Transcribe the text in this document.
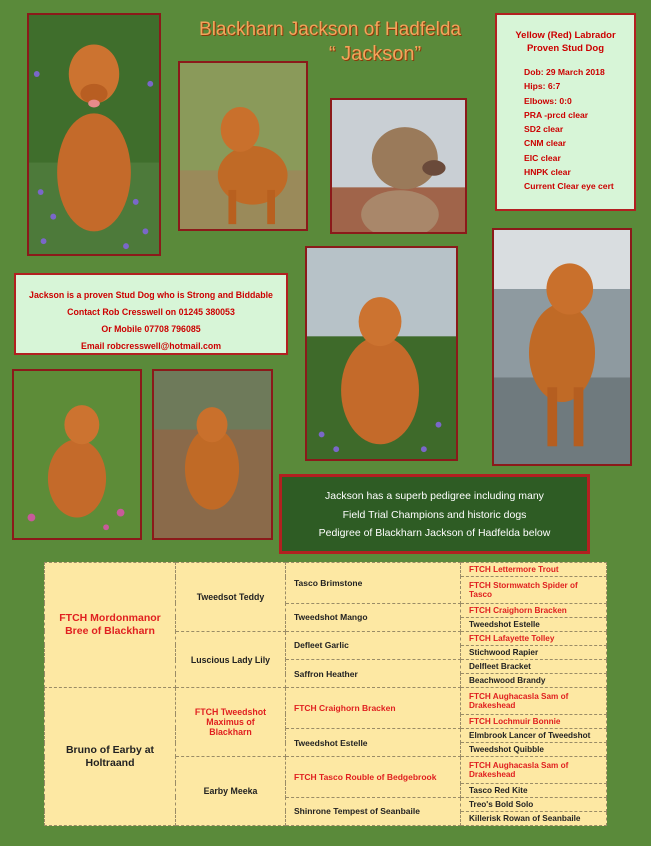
Blackharn Jackson of Hadfelda
“ Jackson”
Yellow (Red) Labrador
Proven Stud Dog
Dob: 29 March 2018
Hips: 6:7
Elbows: 0:0
PRA -prcd clear
SD2 clear
CNM clear
EIC clear
HNPK clear
Current Clear eye cert
Jackson is a proven Stud Dog who is Strong and Biddable
Contact Rob Cresswell on 01245 380053
Or Mobile 07708 796085
Email robcresswell@hotmail.com
Jackson has a superb pedigree including many
Field Trial Champions and historic dogs
Pedigree of Blackharn Jackson of Hadfelda below
FTCH Mordonmanor Bree of Blackharn	Tweedsot Teddy	Tasco Brimstone	FTCH Lettermore Trout
			FTCH Stormwatch Spider of Tasco
		Tweedshot Mango	FTCH Craighorn Bracken
			Tweedshot Estelle
	Luscious Lady Lily	Defleet Garlic	FTCH Lafayette Tolley
			Stichwood Rapier
		Saffron Heather	Delfleet Bracket
			Beachwood Brandy
Bruno of Earby at Holtraand	FTCH Tweedshot Maximus of Blackharn	FTCH Craighorn Bracken	FTCH Aughacasla Sam of Drakeshead
			FTCH Lochmuir Bonnie
		Tweedshot Estelle	Elmbrook Lancer of Tweedshot
			Tweedshot Quibble
	Earby Meeka	FTCH Tasco Rouble of Bedgebrook	FTCH Aughacasla Sam of Drakeshead
			Tasco Red Kite
		Shinrone Tempest of Seanbaile	Treo's Bold Solo
			Killerisk Rowan of Seanbaile
